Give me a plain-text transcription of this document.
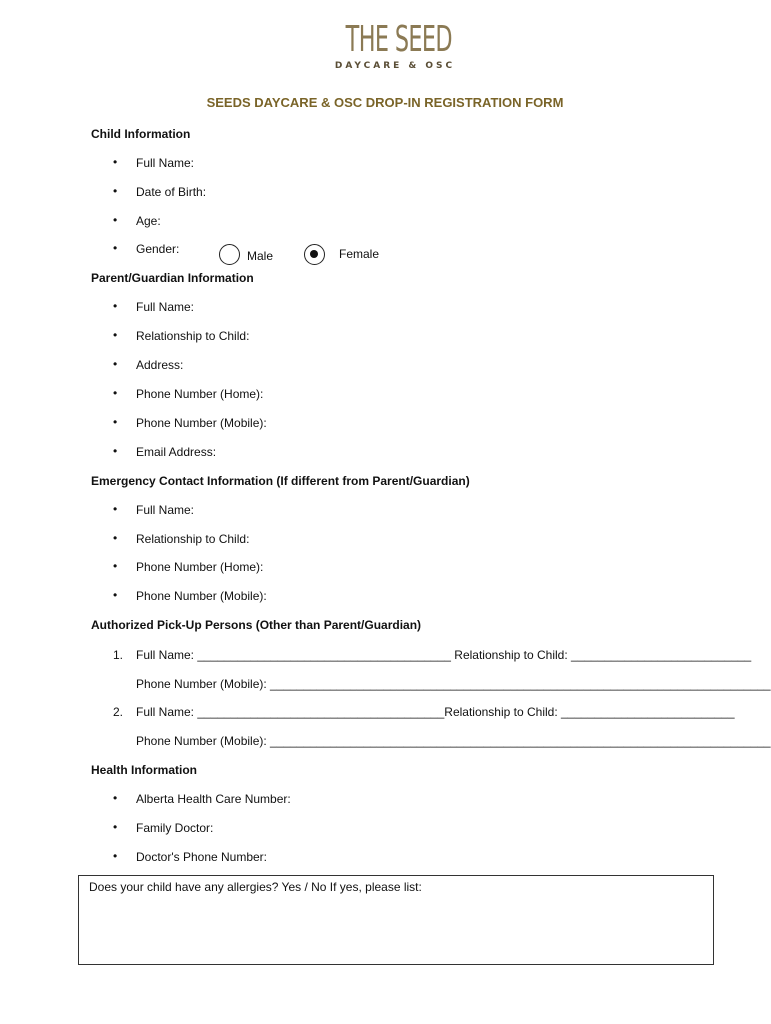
THE SEED
DAYCARE & OSC
SEEDS DAYCARE & OSC DROP-IN REGISTRATION FORM
Child Information
• Full Name:
• Date of Birth:
• Age:
• Gender:	Male	Female
Parent/Guardian Information
• Full Name:
• Relationship to Child:
• Address:
• Phone Number (Home):
• Phone Number (Mobile):
• Email Address:
Emergency Contact Information (If different from Parent/Guardian)
• Full Name:
• Relationship to Child:
• Phone Number (Home):
• Phone Number (Mobile):
Authorized Pick-Up Persons (Other than Parent/Guardian)
1. Full Name: ______________________________________ Relationship to Child: ___________________________
Phone Number (Mobile): ___________________________________________________________________________
2. Full Name: _____________________________________Relationship to Child: __________________________
Phone Number (Mobile): ___________________________________________________________________________
Health Information
• Alberta Health Care Number:
• Family Doctor:
• Doctor's Phone Number:
Does your child have any allergies? Yes / No If yes, please list:
